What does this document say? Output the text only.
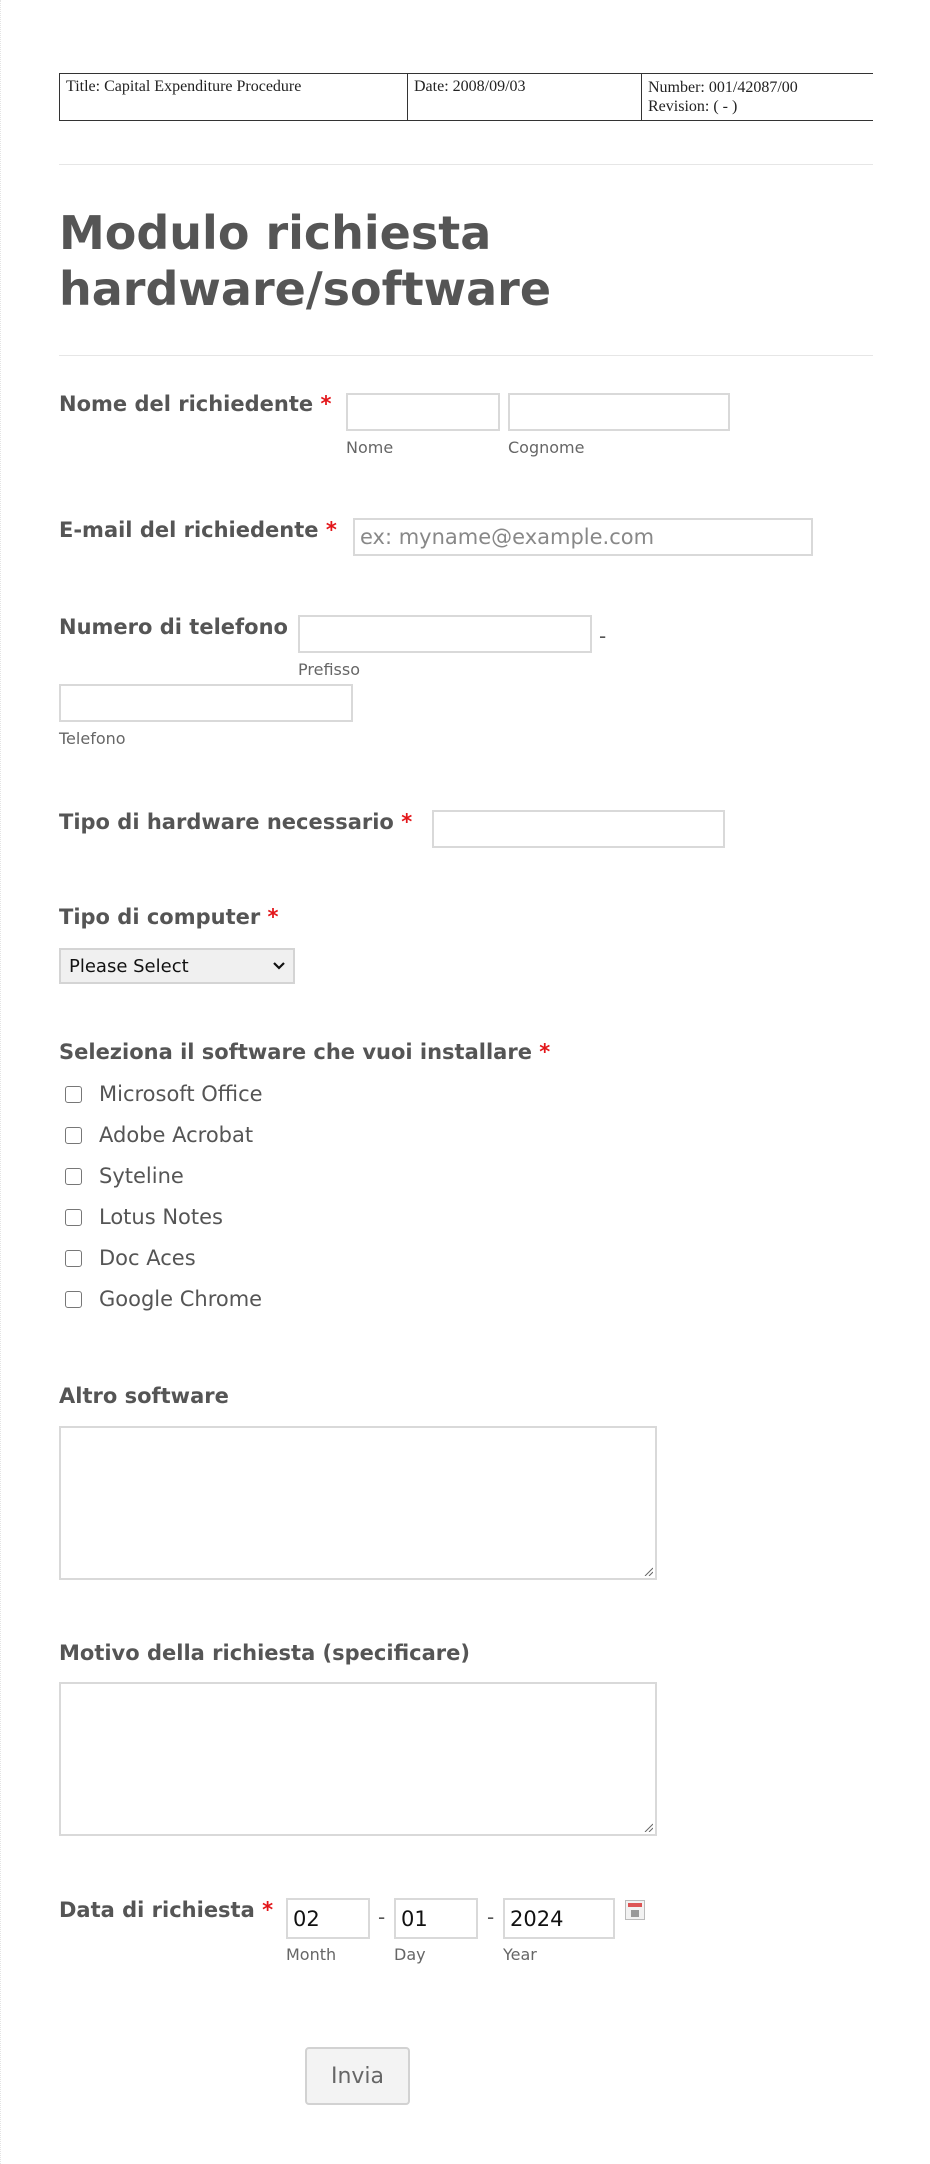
Title: Capital Expenditure Procedure	Date: 2008/09/03	Number: 001/42087/00
Revision: ( - )
Modulo richiesta hardware/software
Nome del richiedente *
Nome	Cognome
E-mail del richiedente *
ex: myname@example.com
Numero di telefono	-
Prefisso
Telefono
Tipo di hardware necessario *
Tipo di computer *
Please Select
Seleziona il software che vuoi installare *
Microsoft Office
Adobe Acrobat
Syteline
Lotus Notes
Doc Aces
Google Chrome
Altro software
Motivo della richiesta (specificare)
Data di richiesta *
02	-
01	-
2024
Month	Day	Year
Invia
